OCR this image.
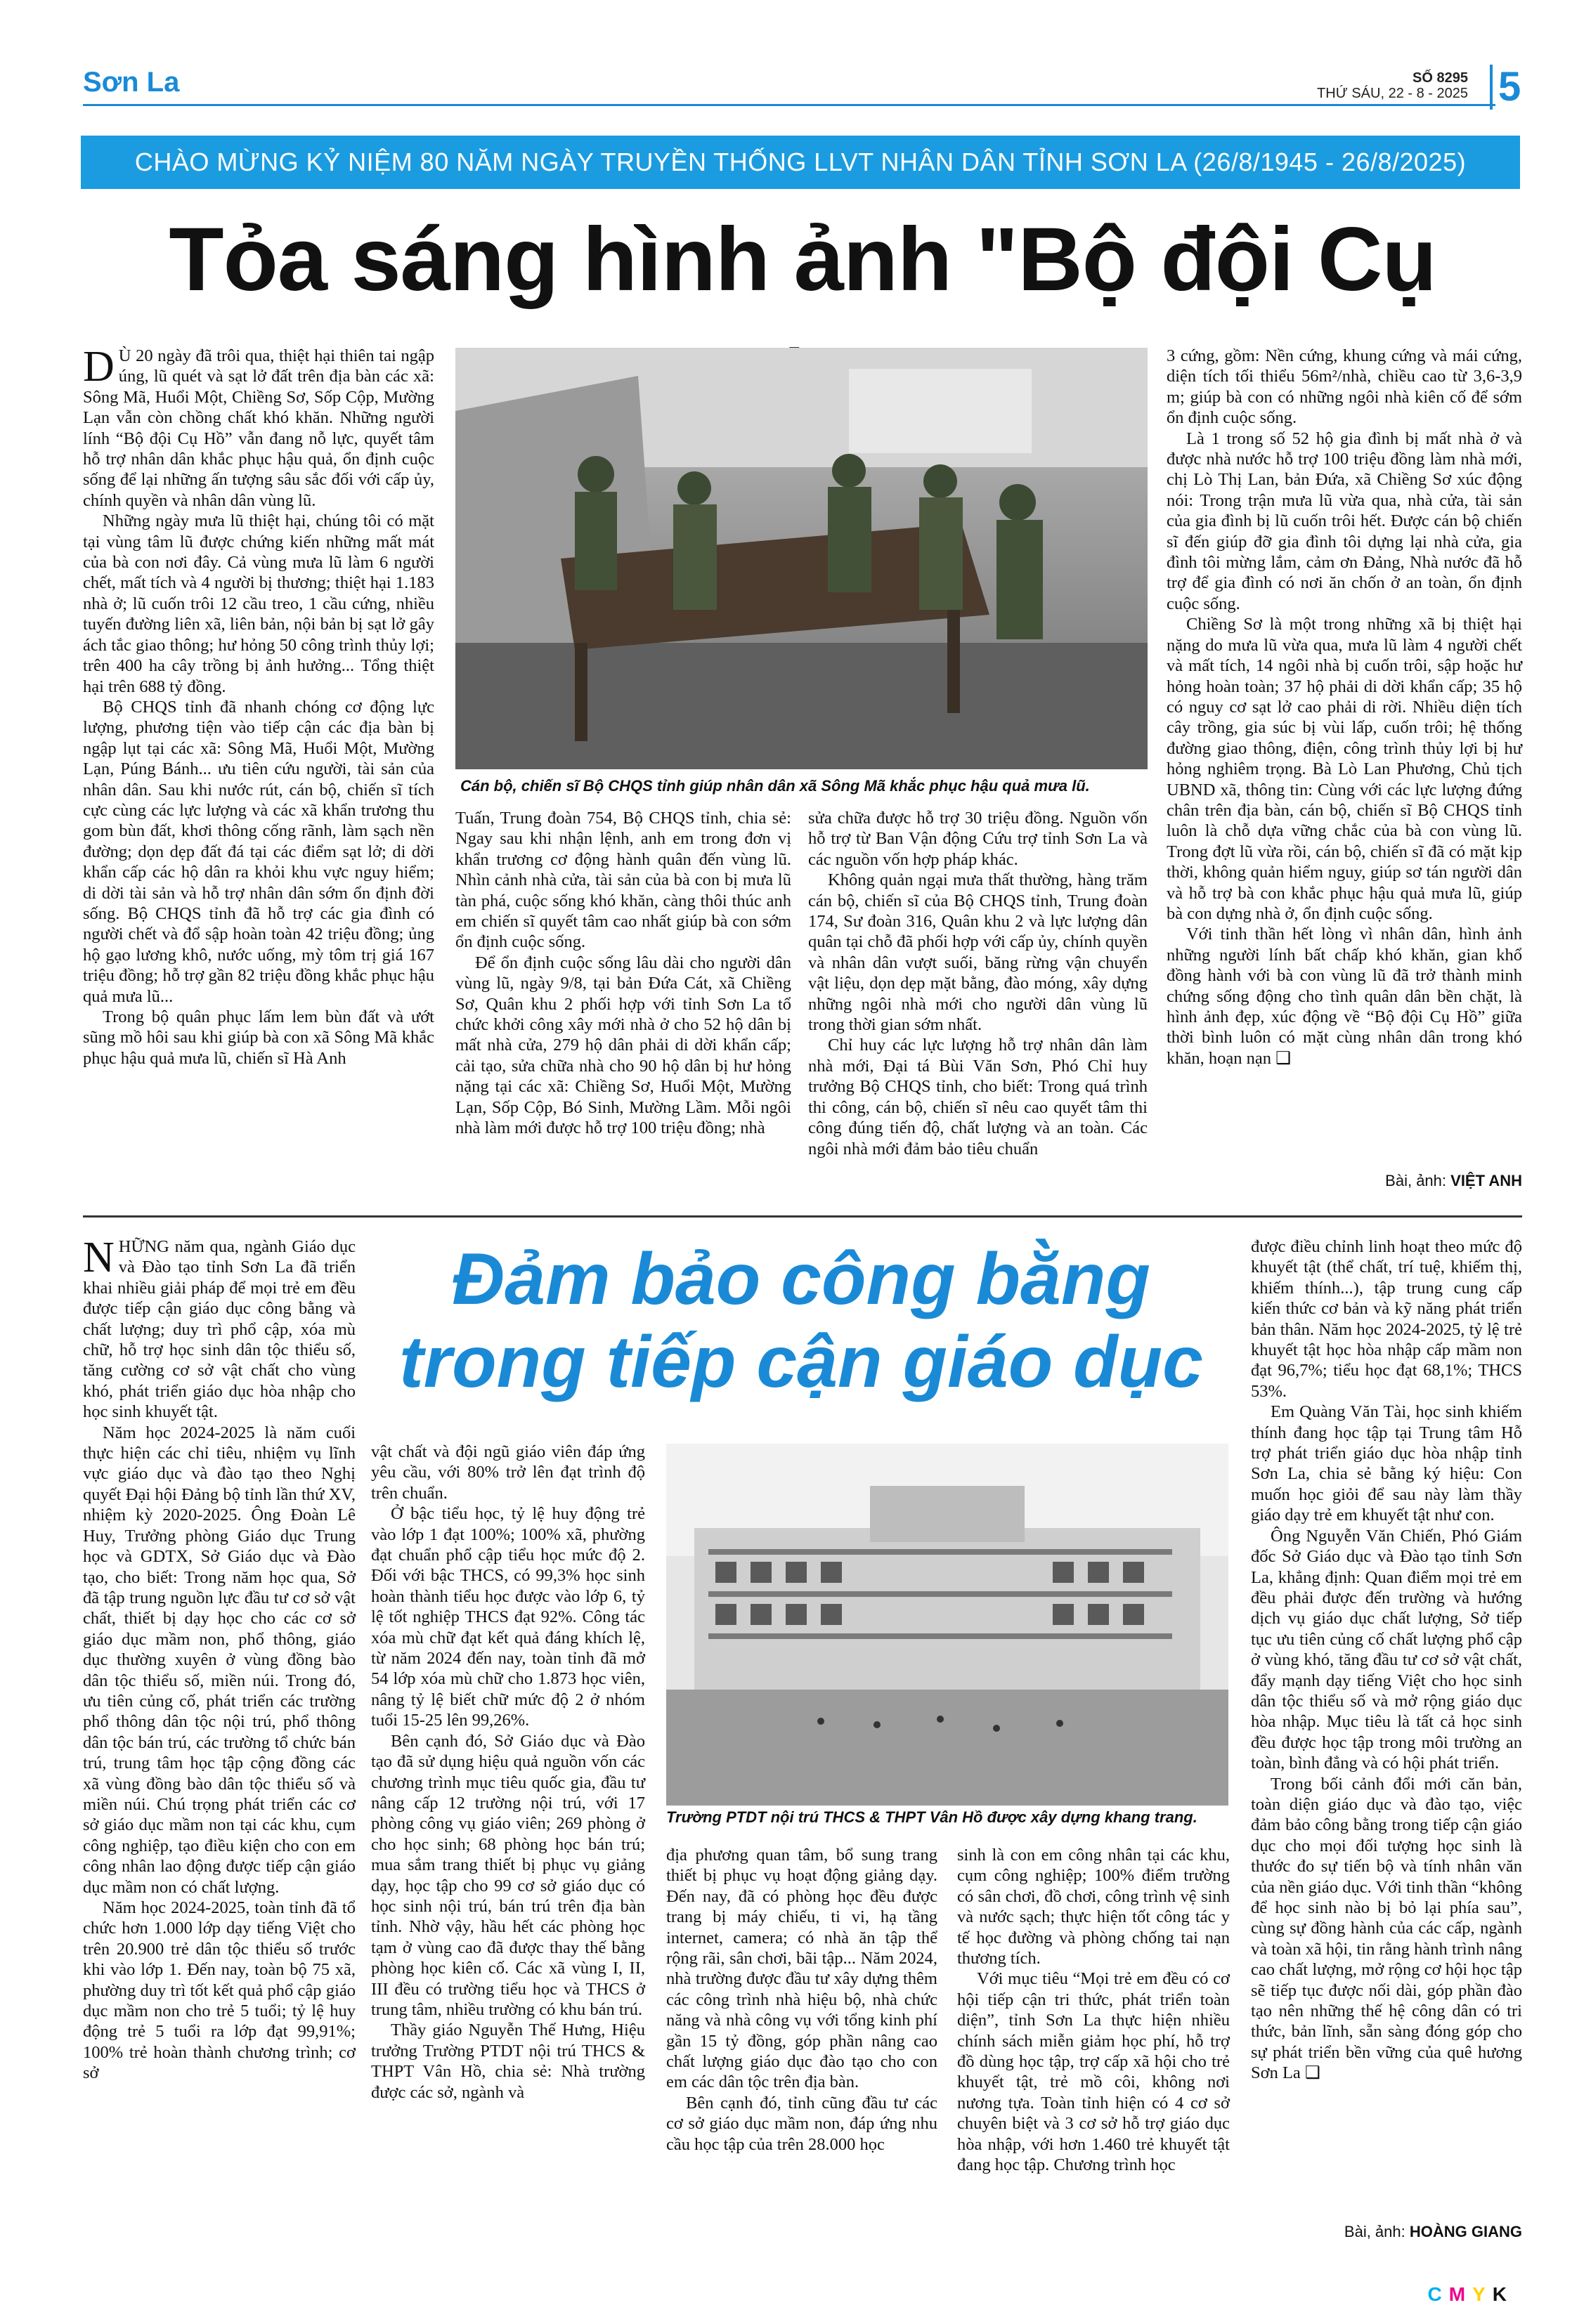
Sơn La	SỐ 8295
THỨ SÁU, 22 - 8 - 2025 5
CHÀO MỪNG KỶ NIỆM 80 NĂM NGÀY TRUYỀN THỐNG LLVT NHÂN DÂN TỈNH SƠN LA (26/8/1945 - 26/8/2025)
Tỏa sáng hình ảnh "Bộ đội Cụ

D Ù 20 ngày đã trôi qua, thiệt hại thiên tai ngập úng, lũ quét và sạt lở đất trên địa bàn các xã: Sông Mã, Huổi Một, Chiềng Sơ, Sốp Cộp, Mường Lạn vẫn còn chồng chất khó khăn. Những người lính “Bộ đội Cụ Hồ” vẫn đang nỗ lực, quyết tâm hỗ trợ nhân dân khắc phục hậu quả, ổn định cuộc sống để lại những ấn tượng sâu sắc đối với cấp ủy, chính quyền và nhân dân vùng lũ.

Những ngày mưa lũ thiệt hại, chúng tôi có mặt tại vùng tâm lũ được chứng kiến những mất mát của bà con nơi đây. Cả vùng mưa lũ làm 6 người chết, mất tích và 4 người bị thương; thiệt hại 1.183 nhà ở; lũ cuốn trôi 12 cầu treo, 1 cầu cứng, nhiều tuyến đường liên xã, liên bản, nội bản bị sạt lở gây ách tắc giao thông; hư hỏng 50 công trình thủy lợi; trên 400 ha cây trồng bị ảnh hưởng... Tổng thiệt hại trên 688 tỷ đồng.

Bộ CHQS tỉnh đã nhanh chóng cơ động lực lượng, phương tiện vào tiếp cận các địa bàn bị ngập lụt tại các xã: Sông Mã, Huổi Một, Mường Lạn, Púng Bánh... ưu tiên cứu người, tài sản của nhân dân. Sau khi nước rút, cán bộ, chiến sĩ tích cực cùng các lực lượng và các xã khẩn trương thu gom bùn đất, khơi thông cống rãnh, làm sạch nền đường; dọn dẹp đất đá tại các điểm sạt lở; di dời khẩn cấp các hộ dân ra khỏi khu vực nguy hiểm; di dời tài sản và hỗ trợ nhân dân sớm ổn định đời sống. Bộ CHQS tỉnh đã hỗ trợ các gia đình có người chết và đổ sập hoàn toàn 42 triệu đồng; ủng hộ gạo lương khô, nước uống, mỳ tôm trị giá 167 triệu đồng; hỗ trợ gần 82 triệu đồng khắc phục hậu quả mưa lũ...

Trong bộ quân phục lấm lem bùn đất và ướt sũng mồ hôi sau khi giúp bà con xã Sông Mã khắc phục hậu quả mưa lũ, chiến sĩ Hà Anh

Cán bộ, chiến sĩ Bộ CHQS tỉnh giúp nhân dân xã Sông Mã khắc phục hậu quả mưa lũ.

Tuấn, Trung đoàn 754, Bộ CHQS tỉnh, chia sẻ: Ngay sau khi nhận lệnh, anh em trong đơn vị khẩn trương cơ động hành quân đến vùng lũ. Nhìn cảnh nhà cửa, tài sản của bà con bị mưa lũ tàn phá, cuộc sống khó khăn, càng thôi thúc anh em chiến sĩ quyết tâm cao nhất giúp bà con sớm ổn định cuộc sống.

Để ổn định cuộc sống lâu dài cho người dân vùng lũ, ngày 9/8, tại bản Đứa Cát, xã Chiềng Sơ, Quân khu 2 phối hợp với tỉnh Sơn La tổ chức khởi công xây mới nhà ở cho 52 hộ dân bị mất nhà cửa, 279 hộ dân phải di dời khẩn cấp; cải tạo, sửa chữa nhà cho 90 hộ dân bị hư hỏng nặng tại các xã: Chiềng Sơ, Huổi Một, Mường Lạn, Sốp Cộp, Bó Sinh, Mường Lầm. Mỗi ngôi nhà làm mới được hỗ trợ 100 triệu đồng; nhà

sửa chữa được hỗ trợ 30 triệu đồng. Nguồn vốn hỗ trợ từ Ban Vận động Cứu trợ tỉnh Sơn La và các nguồn vốn hợp pháp khác.

Không quản ngại mưa thất thường, hàng trăm cán bộ, chiến sĩ của Bộ CHQS tỉnh, Trung đoàn 174, Sư đoàn 316, Quân khu 2 và lực lượng dân quân tại chỗ đã phối hợp với cấp ủy, chính quyền và nhân dân vượt suối, băng rừng vận chuyển vật liệu, dọn dẹp mặt bằng, đào móng, xây dựng những ngôi nhà mới cho người dân vùng lũ trong thời gian sớm nhất.

Chỉ huy các lực lượng hỗ trợ nhân dân làm nhà mới, Đại tá Bùi Văn Sơn, Phó Chỉ huy trưởng Bộ CHQS tỉnh, cho biết: Trong quá trình thi công, cán bộ, chiến sĩ nêu cao quyết tâm thi công đúng tiến độ, chất lượng và an toàn. Các ngôi nhà mới đảm bảo tiêu chuẩn

3 cứng, gồm: Nền cứng, khung cứng và mái cứng, diện tích tối thiểu 56m²/nhà, chiều cao từ 3,6-3,9 m; giúp bà con có những ngôi nhà kiên cố để sớm ổn định cuộc sống.

Là 1 trong số 52 hộ gia đình bị mất nhà ở và được nhà nước hỗ trợ 100 triệu đồng làm nhà mới, chị Lò Thị Lan, bản Đứa, xã Chiềng Sơ xúc động nói: Trong trận mưa lũ vừa qua, nhà cửa, tài sản của gia đình bị lũ cuốn trôi hết. Được cán bộ chiến sĩ đến giúp đỡ gia đình tôi dựng lại nhà cửa, gia đình tôi mừng lắm, cảm ơn Đảng, Nhà nước đã hỗ trợ để gia đình có nơi ăn chốn ở an toàn, ổn định cuộc sống.

Chiềng Sơ là một trong những xã bị thiệt hại nặng do mưa lũ vừa qua, mưa lũ làm 4 người chết và mất tích, 14 ngôi nhà bị cuốn trôi, sập hoặc hư hỏng hoàn toàn; 37 hộ phải di dời khẩn cấp; 35 hộ có nguy cơ sạt lở cao phải di rời. Nhiều diện tích cây trồng, gia súc bị vùi lấp, cuốn trôi; hệ thống đường giao thông, điện, công trình thủy lợi bị hư hỏng nghiêm trọng. Bà Lò Lan Phương, Chủ tịch UBND xã, thông tin: Cùng với các lực lượng đứng chân trên địa bàn, cán bộ, chiến sĩ Bộ CHQS tỉnh luôn là chỗ dựa vững chắc của bà con vùng lũ. Trong đợt lũ vừa rồi, cán bộ, chiến sĩ đã có mặt kịp thời, không quản hiểm nguy, giúp sơ tán người dân và hỗ trợ bà con khắc phục hậu quả mưa lũ, giúp bà con dựng nhà ở, ổn định cuộc sống.

Với tinh thần hết lòng vì nhân dân, hình ảnh những người lính bất chấp khó khăn, gian khổ đồng hành với bà con vùng lũ đã trở thành minh chứng sống động cho tình quân dân bền chặt, là hình ảnh đẹp, xúc động về “Bộ đội Cụ Hồ” giữa thời bình luôn có mặt cùng nhân dân trong khó khăn, hoạn nạn ❑

Bài, ảnh: VIỆT ANH
Đảm bảo công bằng
trong tiếp cận giáo dục

NHỮNG năm qua, ngành Giáo dục và Đào tạo tỉnh Sơn La đã triển khai nhiều giải pháp để mọi trẻ em đều được tiếp cận giáo dục công bằng và chất lượng; duy trì phổ cập, xóa mù chữ, hỗ trợ học sinh dân tộc thiểu số, tăng cường cơ sở vật chất cho vùng khó, phát triển giáo dục hòa nhập cho học sinh khuyết tật.

Năm học 2024-2025 là năm cuối thực hiện các chỉ tiêu, nhiệm vụ lĩnh vực giáo dục và đào tạo theo Nghị quyết Đại hội Đảng bộ tỉnh lần thứ XV, nhiệm kỳ 2020-2025. Ông Đoàn Lê Huy, Trưởng phòng Giáo dục Trung học và GDTX, Sở Giáo dục và Đào tạo, cho biết: Trong năm học qua, Sở đã tập trung nguồn lực đầu tư cơ sở vật chất, thiết bị dạy học cho các cơ sở giáo dục mầm non, phổ thông, giáo dục thường xuyên ở vùng đồng bào dân tộc thiểu số, miền núi. Trong đó, ưu tiên củng cố, phát triển các trường phổ thông dân tộc nội trú, phổ thông dân tộc bán trú, các trường tổ chức bán trú, trung tâm học tập cộng đồng các xã vùng đồng bào dân tộc thiểu số và miền núi. Chú trọng phát triển các cơ sở giáo dục mầm non tại các khu, cụm công nghiệp, tạo điều kiện cho con em công nhân lao động được tiếp cận giáo dục mầm non có chất lượng.

Năm học 2024-2025, toàn tỉnh đã tổ chức hơn 1.000 lớp dạy tiếng Việt cho trên 20.900 trẻ dân tộc thiểu số trước khi vào lớp 1. Đến nay, toàn bộ 75 xã, phường duy trì tốt kết quả phổ cập giáo dục mầm non cho trẻ 5 tuổi; tỷ lệ huy động trẻ 5 tuổi ra lớp đạt 99,91%; 100% trẻ hoàn thành chương trình; cơ sở

vật chất và đội ngũ giáo viên đáp ứng yêu cầu, với 80% trở lên đạt trình độ trên chuẩn.

Ở bậc tiểu học, tỷ lệ huy động trẻ vào lớp 1 đạt 100%; 100% xã, phường đạt chuẩn phổ cập tiểu học mức độ 2. Đối với bậc THCS, có 99,3% học sinh hoàn thành tiểu học được vào lớp 6, tỷ lệ tốt nghiệp THCS đạt 92%. Công tác xóa mù chữ đạt kết quả đáng khích lệ, từ năm 2024 đến nay, toàn tỉnh đã mở 54 lớp xóa mù chữ cho 1.873 học viên, nâng tỷ lệ biết chữ mức độ 2 ở nhóm tuổi 15-25 lên 99,26%.

Bên cạnh đó, Sở Giáo dục và Đào tạo đã sử dụng hiệu quả nguồn vốn các chương trình mục tiêu quốc gia, đầu tư nâng cấp 12 trường nội trú, với 17 phòng công vụ giáo viên; 269 phòng ở cho học sinh; 68 phòng học bán trú; mua sắm trang thiết bị phục vụ giảng dạy, học tập cho 99 cơ sở giáo dục có học sinh nội trú, bán trú trên địa bàn tỉnh. Nhờ vậy, hầu hết các phòng học tạm ở vùng cao đã được thay thế bằng phòng học kiên cố. Các xã vùng I, II, III đều có trường tiểu học và THCS ở trung tâm, nhiều trường có khu bán trú.

Thầy giáo Nguyễn Thế Hưng, Hiệu trưởng Trường PTDT nội trú THCS & THPT Vân Hồ, chia sẻ: Nhà trường được các sở, ngành và

Trường PTDT nội trú THCS & THPT Vân Hồ được xây dựng khang trang.

địa phương quan tâm, bổ sung trang thiết bị phục vụ hoạt động giảng dạy. Đến nay, đã có phòng học đều được trang bị máy chiếu, ti vi, hạ tầng internet, camera; có nhà ăn tập thể rộng rãi, sân chơi, bãi tập... Năm 2024, nhà trường được đầu tư xây dựng thêm các công trình nhà hiệu bộ, nhà chức năng và nhà công vụ với tổng kinh phí gần 15 tỷ đồng, góp phần nâng cao chất lượng giáo dục đào tạo cho con em các dân tộc trên địa bàn.

Bên cạnh đó, tỉnh cũng đầu tư các cơ sở giáo dục mầm non, đáp ứng nhu cầu học tập của trên 28.000 học

sinh là con em công nhân tại các khu, cụm công nghiệp; 100% điểm trường có sân chơi, đồ chơi, công trình vệ sinh và nước sạch; thực hiện tốt công tác y tế học đường và phòng chống tai nạn thương tích.

Với mục tiêu “Mọi trẻ em đều có cơ hội tiếp cận tri thức, phát triển toàn diện”, tỉnh Sơn La thực hiện nhiều chính sách miễn giảm học phí, hỗ trợ đồ dùng học tập, trợ cấp xã hội cho trẻ khuyết tật, trẻ mồ côi, không nơi nương tựa. Toàn tỉnh hiện có 4 cơ sở chuyên biệt và 3 cơ sở hỗ trợ giáo dục hòa nhập, với hơn 1.460 trẻ khuyết tật đang học tập. Chương trình học

được điều chỉnh linh hoạt theo mức độ khuyết tật (thể chất, trí tuệ, khiếm thị, khiếm thính...), tập trung cung cấp kiến thức cơ bản và kỹ năng phát triển bản thân. Năm học 2024-2025, tỷ lệ trẻ khuyết tật học hòa nhập cấp mầm non đạt 96,7%; tiểu học đạt 68,1%; THCS 53%.

Em Quàng Văn Tài, học sinh khiếm thính đang học tập tại Trung tâm Hỗ trợ phát triển giáo dục hòa nhập tỉnh Sơn La, chia sẻ bằng ký hiệu: Con muốn học giỏi để sau này làm thầy giáo dạy trẻ em khuyết tật như con.

Ông Nguyễn Văn Chiến, Phó Giám đốc Sở Giáo dục và Đào tạo tỉnh Sơn La, khẳng định: Quan điểm mọi trẻ em đều phải được đến trường và hướng dịch vụ giáo dục chất lượng, Sở tiếp tục ưu tiên củng cố chất lượng phổ cập ở vùng khó, tăng đầu tư cơ sở vật chất, đẩy mạnh dạy tiếng Việt cho học sinh dân tộc thiểu số và mở rộng giáo dục hòa nhập. Mục tiêu là tất cả học sinh đều được học tập trong môi trường an toàn, bình đẳng và có hội phát triển.

Trong bối cảnh đổi mới căn bản, toàn diện giáo dục và đào tạo, việc đảm bảo công bằng trong tiếp cận giáo dục cho mọi đối tượng học sinh là thước đo sự tiến bộ và tính nhân văn của nền giáo dục. Với tinh thần “không để học sinh nào bị bỏ lại phía sau”, cùng sự đồng hành của các cấp, ngành và toàn xã hội, tin rằng hành trình nâng cao chất lượng, mở rộng cơ hội học tập sẽ tiếp tục được nối dài, góp phần đào tạo nên những thế hệ công dân có tri thức, bản lĩnh, sẵn sàng đóng góp cho sự phát triển bền vững của quê hương Sơn La ❑

Bài, ảnh: HOÀNG GIANG
CMYK
